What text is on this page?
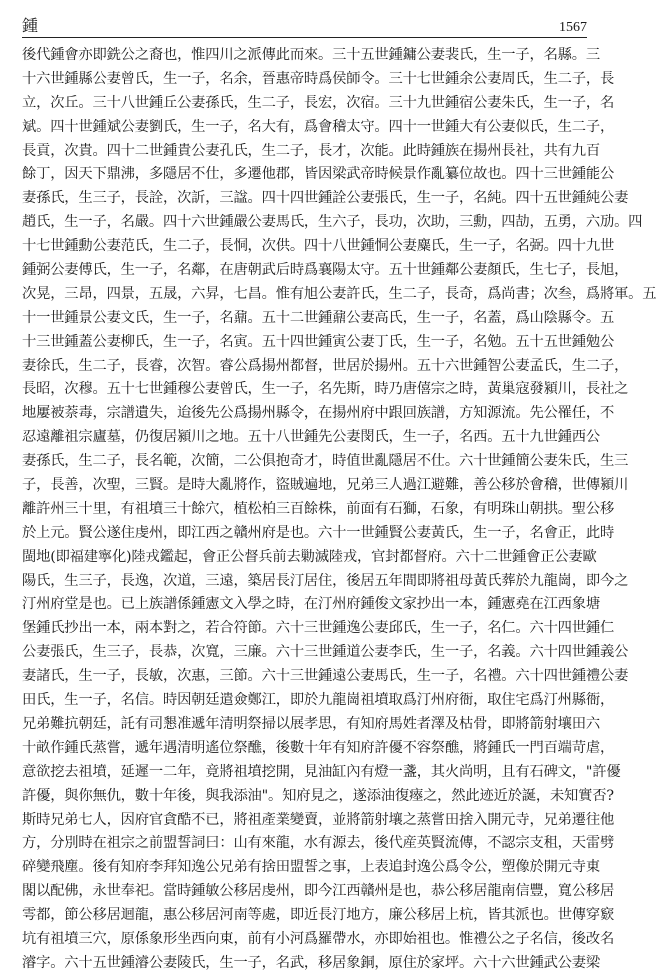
鍾	1567
後代鍾會亦即銑公之裔也，惟四川之派傳此而來。三十五世鍾鏞公妻裴氏，生一子，名縣。三
十六世鍾縣公妻曾氏，生一子，名余，晉惠帝時爲侯師令。三十七世鍾余公妻周氏，生二子，長
立，次丘。三十八世鍾丘公妻孫氏，生二子，長宏，次宿。三十九世鍾宿公妻朱氏，生一子，名
斌。四十世鍾斌公妻劉氏，生一子，名大有，爲會稽太守。四十一世鍾大有公妻似氏，生二子，
長貢，次貴。四十二世鍾貴公妻孔氏，生二子，長才，次能。此時鍾族在揚州長社，共有九百
餘丁，因天下鼎沸，多隱居不仕，多遷他郡，皆因梁武帝時候景作亂纂位故也。四十三世鍾能公
妻孫氏，生三子，長詮，次訢，三諡。四十四世鍾詮公妻張氏，生一子，名純。四十五世鍾純公妻
趙氏，生一子，名嚴。四十六世鍾嚴公妻馬氏，生六子，長功，次助，三勳，四劼，五勇，六劢。四
十七世鍾勳公妻范氏，生二子，長恫，次供。四十八世鍾恫公妻麋氏，生一子，名弼。四十九世
鍾弼公妻傅氏，生一子，名鄰，在唐朝武后時爲襄陽太守。五十世鍾鄰公妻顏氏，生七子，長旭，
次晃，三昂，四景，五晟，六昇，七昌。惟有旭公妻許氏，生二子，長奇，爲尚書；次叁，爲將軍。五
十一世鍾景公妻文氏，生一子，名鼐。五十二世鍾鼐公妻高氏，生一子，名蓋，爲山陰縣令。五
十三世鍾蓋公妻柳氏，生一子，名寅。五十四世鍾寅公妻丁氏，生一子，名勉。五十五世鍾勉公
妻徐氏，生二子，長睿，次智。睿公爲揚州都督，世居於揚州。五十六世鍾智公妻孟氏，生二子，
長昭，次穆。五十七世鍾穆公妻曾氏，生一子，名先斯，時乃唐僖宗之時，黃巢寇發潁川，長社之
地屢被萘毒，宗譜遺失，迨後先公爲揚州縣令，在揚州府中跟回族譜，方知源流。先公罹任，不
忍遠離祖宗廬墓，仍復居潁川之地。五十八世鍾先公妻閔氏，生一子，名西。五十九世鍾西公
妻孫氏，生二子，長名範，次簡，二公俱抱奇才，時值世亂隱居不仕。六十世鍾簡公妻朱氏，生三
子，長善，次聖，三賢。是時大亂將作，盜賊遍地，兄弟三人過江避難，善公移於會稽，世傳潁川
離許州三十里，有祖墳三十餘穴，植松柏三百餘株，前面有石獅，石象，有明珠山朝拱。聖公移
於上元。賢公遂住虔州，即江西之贛州府是也。六十一世鍾賢公妻黃氏，生一子，名會正，此時
閩地(即福建寧化)陸戎鑑起，會正公督兵前去勦滅陸戎，官封都督府。六十二世鍾會正公妻歐
陽氏，生三子，長逸，次道，三遠，築居長汀居住，後居五年間即將祖母黃氏葬於九龍崗，即今之
汀州府堂是也。已上族譜係鍾憲文入學之時，在汀州府鍾俊文家抄出一本，鍾憲堯在江西象塘
堡鍾氏抄出一本，兩本對之，若合符節。六十三世鍾逸公妻邱氏，生一子，名仁。六十四世鍾仁
公妻張氏，生三子，長恭，次寬，三廉。六十三世鍾道公妻李氏，生一子，名義。六十四世鍾義公
妻諸氏，生一子，長敏，次惠，三節。六十三世鍾遠公妻馬氏，生一子，名禮。六十四世鍾禮公妻
田氏，生一子，名信。時因朝廷遣僉鄭江，即於九龍崗祖墳取爲汀州府衙，取住宅爲汀州縣衙，
兄弟難抗朝廷，託有司懇准遞年清明祭掃以展孝思，有知府馬姓者澤及枯骨，即將箭射壤田六
十畝作鍾氏蒸嘗，遞年遇清明遙位祭醮，後數十年有知府許優不容祭醮，將鍾氏一門百端苛虐，
意欲挖去祖墳，延遲一二年，竟將祖墳挖開，見油缸內有燈一盞，其火尚明，且有石碑文，"許優
許優，與你無仇，數十年後，與我添油"。知府見之，遂添油復瘞之，然此迹近於誕，未知實否?
斯時兄弟七人，因府官貪酷不已，將祖產業變賣，並將箭射壤之蒸嘗田捨入開元寺，兄弟遷往他
方，分別時在祖宗之前盟誓詞曰：山有來龍，水有源去，後代産英賢流傳，不認宗支租，天雷劈
碎變飛塵。後有知府李拜知逸公兄弟有捨田盟誓之事，上表追封逸公爲令公，塑像於開元寺東
閣以配佛，永世奉祀。當時鍾敏公移居虔州，即今江西贛州是也，恭公移居龍南信豐，寬公移居
雩都，節公移居迴龍，惠公移居河南等處，即近長汀地方，廉公移居上杭，皆其派也。世傳穿窽
坑有祖墳三穴，原係象形坐西向東，前有小河爲羅帶水，亦即始祖也。惟禮公之子名信，後改名
濬字。六十五世鍾濬公妻陵氏，生一子，名武，移居象銅，原住於家坪。六十六世鍾武公妻梁
